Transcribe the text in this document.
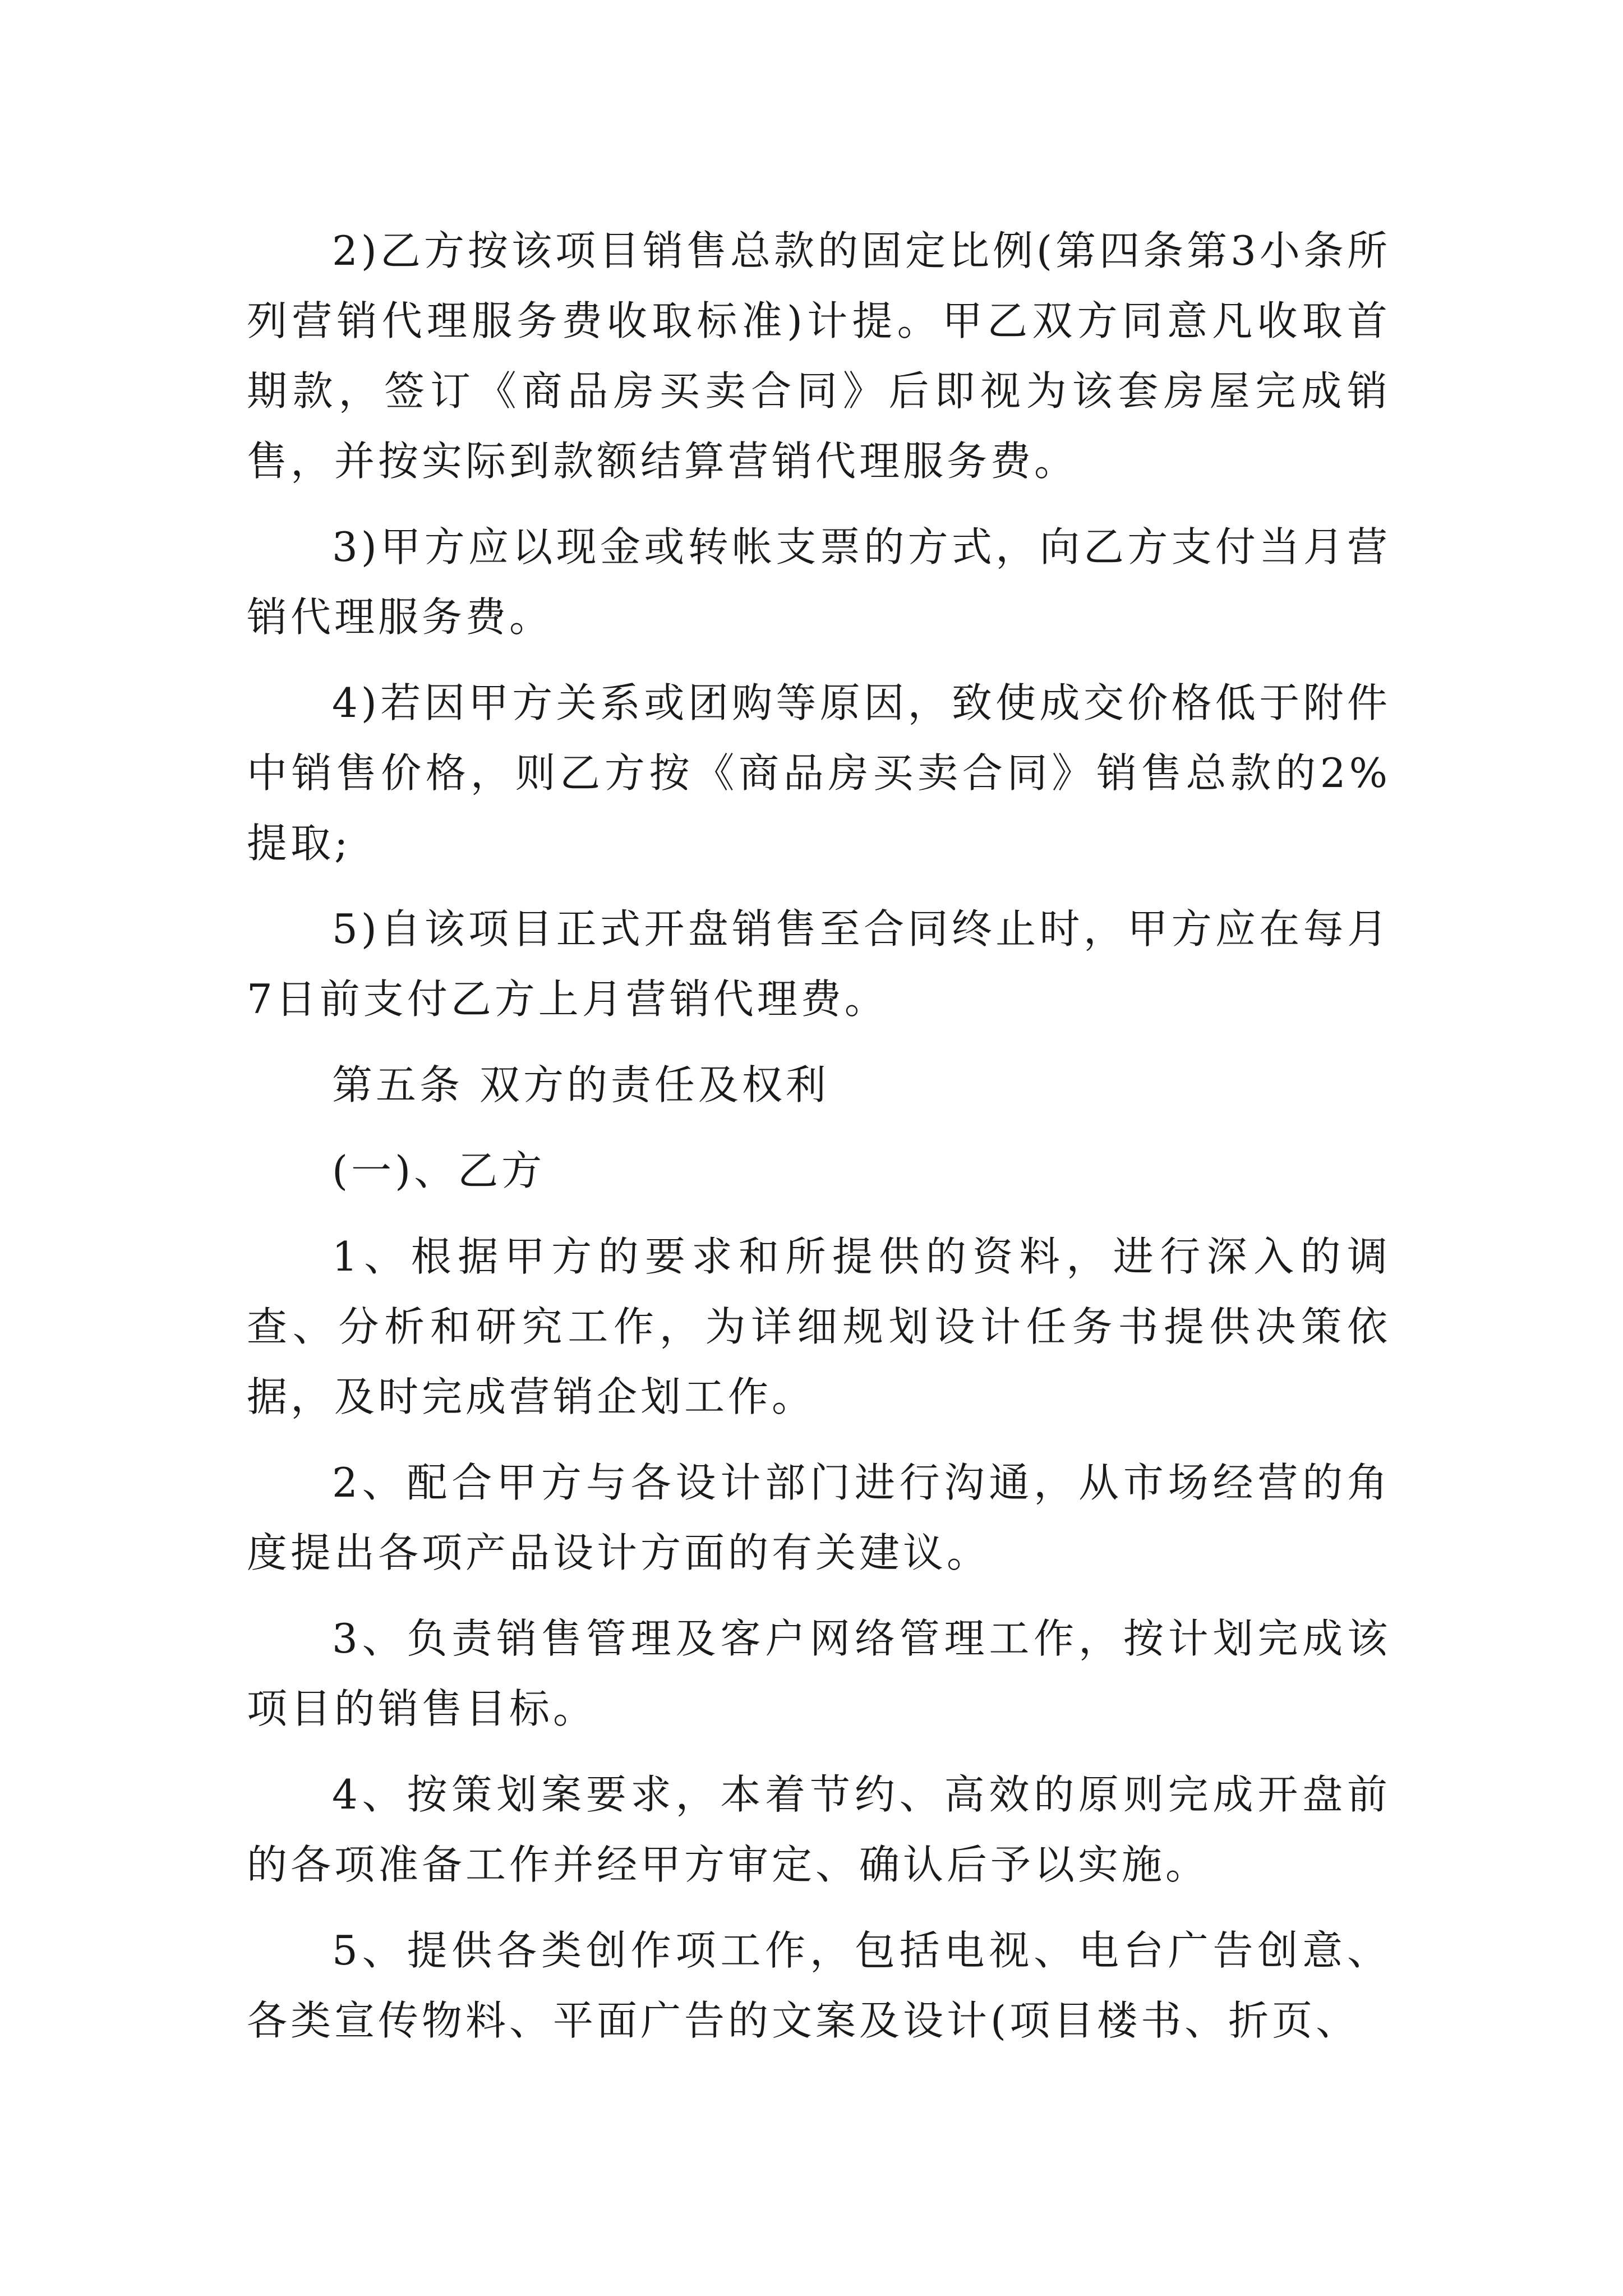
2)乙方按该项目销售总款的固定比例(第四条第3小条所列营销代理服务费收取标准)计提。甲乙双方同意凡收取首期款，签订《商品房买卖合同》后即视为该套房屋完成销售，并按实际到款额结算营销代理服务费。

3)甲方应以现金或转帐支票的方式，向乙方支付当月营销代理服务费。

4)若因甲方关系或团购等原因，致使成交价格低于附件中销售价格，则乙方按《商品房买卖合同》销售总款的2%提取;

5)自该项目正式开盘销售至合同终止时，甲方应在每月7日前支付乙方上月营销代理费。

第五条 双方的责任及权利

(一)、乙方

1、根据甲方的要求和所提供的资料，进行深入的调查、分析和研究工作，为详细规划设计任务书提供决策依据，及时完成营销企划工作。

2、配合甲方与各设计部门进行沟通，从市场经营的角度提出各项产品设计方面的有关建议。

3、负责销售管理及客户网络管理工作，按计划完成该项目的销售目标。

4、按策划案要求，本着节约、高效的原则完成开盘前的各项准备工作并经甲方审定、确认后予以实施。

5、提供各类创作项工作，包括电视、电台广告创意、各类宣传物料、平面广告的文案及设计(项目楼书、折页、
